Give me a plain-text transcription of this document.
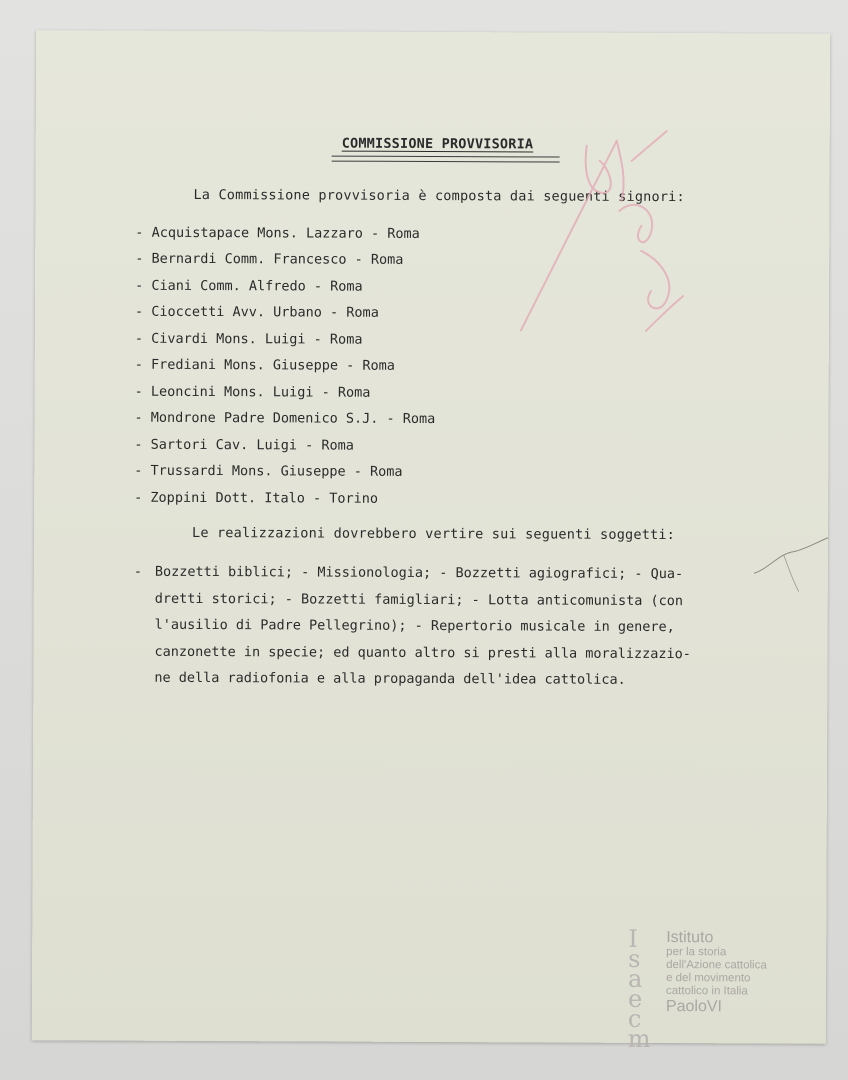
COMMISSIONE PROVVISORIA
La Commissione provvisoria è composta dai seguenti signori:
- Acquistapace Mons. Lazzaro - Roma
- Bernardi Comm. Francesco - Roma
- Ciani Comm. Alfredo - Roma
- Cioccetti Avv. Urbano - Roma
- Civardi Mons. Luigi - Roma
- Frediani Mons. Giuseppe - Roma
- Leoncini Mons. Luigi - Roma
- Mondrone Padre Domenico S.J. - Roma
- Sartori Cav. Luigi - Roma
- Trussardi Mons. Giuseppe - Roma
- Zoppini Dott. Italo - Torino
Le realizzazioni dovrebbero vertire sui seguenti soggetti:
- Bozzetti biblici; - Missionologia; - Bozzetti agiografici; - Qua-
dretti storici; - Bozzetti famigliari; - Lotta anticomunista (con
l'ausilio di Padre Pellegrino); - Repertorio musicale in genere,
canzonette in specie; ed quanto altro si presti alla moralizzazio-
ne della radiofonia e alla propaganda dell'idea cattolica.
I
s
a
e
c
m
Istituto
per la storia
dell'Azione cattolica
e del movimento
cattolico in Italia
PaoloVI
